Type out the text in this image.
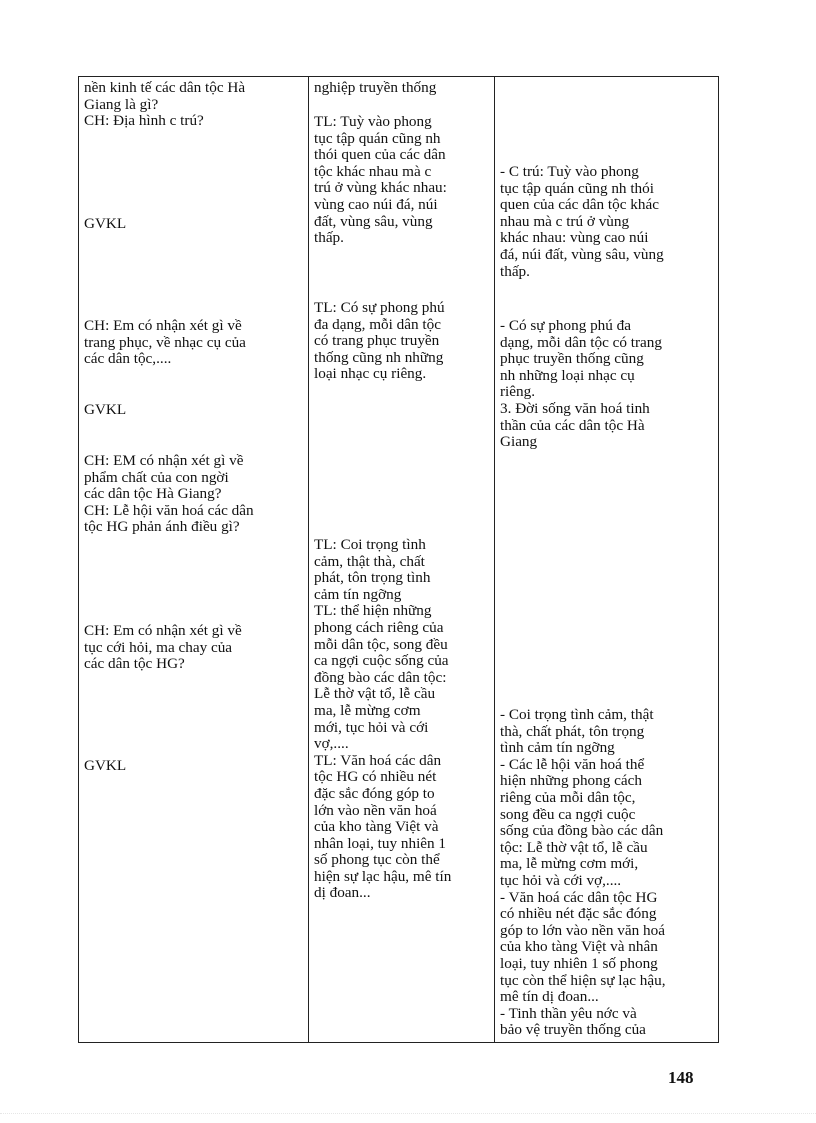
nền kinh tế các dân tộc Hà
Giang là gì?
CH: Địa hình c trú?
GVKL
CH: Em có nhận xét gì về
trang phục, về nhạc cụ của
các dân tộc,....
GVKL
CH: EM có nhận xét gì về
phẩm chất của con ngời
các dân tộc Hà Giang?
CH: Lễ hội văn hoá các dân
tộc HG phản ánh điều gì?
CH: Em có nhận xét gì về
tục cới hỏi, ma chay của
các dân tộc HG?
GVKL
nghiệp truyền thống
TL: Tuỳ vào phong
tục tập quán cũng nh
thói quen của các dân
tộc khác nhau mà c
trú ở vùng khác nhau:
vùng cao núi đá, núi
đất, vùng sâu, vùng
thấp.
TL: Có sự phong phú
đa dạng, mỗi dân tộc
có trang phục truyền
thống cũng nh những
loại nhạc cụ riêng.
TL: Coi trọng tình
cảm, thật thà, chất
phát, tôn trọng tình
cảm tín ngỡng
TL: thể hiện những
phong cách riêng của
mỗi dân tộc, song đều
ca ngợi cuộc sống của
đồng bào các dân tộc:
Lễ thờ vật tổ, lễ cầu
ma, lễ mừng cơm
mới, tục hỏi và cới
vợ,....
TL: Văn hoá các dân
tộc HG có nhiều nét
đặc sắc đóng góp to
lớn vào nền văn hoá
của kho tàng Việt và
nhân loại, tuy nhiên 1
số phong tục còn thể
hiện sự lạc hậu, mê tín
dị đoan...
- C trú: Tuỳ vào phong
tục tập quán cũng nh thói
quen của các dân tộc khác
nhau mà c trú ở vùng
khác nhau: vùng cao núi
đá, núi đất, vùng sâu, vùng
thấp.
- Có sự phong phú đa
dạng, mỗi dân tộc có trang
phục truyền thống cũng
nh những loại nhạc cụ
riêng.
3. Đời sống văn hoá tinh
thần của các dân tộc Hà
Giang
- Coi trọng tình cảm, thật
thà, chất phát, tôn trọng
tình cảm tín ngỡng
- Các lễ hội văn hoá thể
hiện những phong cách
riêng của mỗi dân tộc,
song đều ca ngợi cuộc
sống của đồng bào các dân
tộc: Lễ thờ vật tổ, lễ cầu
ma, lễ mừng cơm mới,
tục hỏi và cới vợ,....
- Văn hoá các dân tộc HG
có nhiều nét đặc sắc đóng
góp to lớn vào nền văn hoá
của kho tàng Việt và nhân
loại, tuy nhiên 1 số phong
tục còn thể hiện sự lạc hậu,
mê tín dị đoan...
- Tinh thần yêu nớc và
bảo vệ truyền thống của
148
